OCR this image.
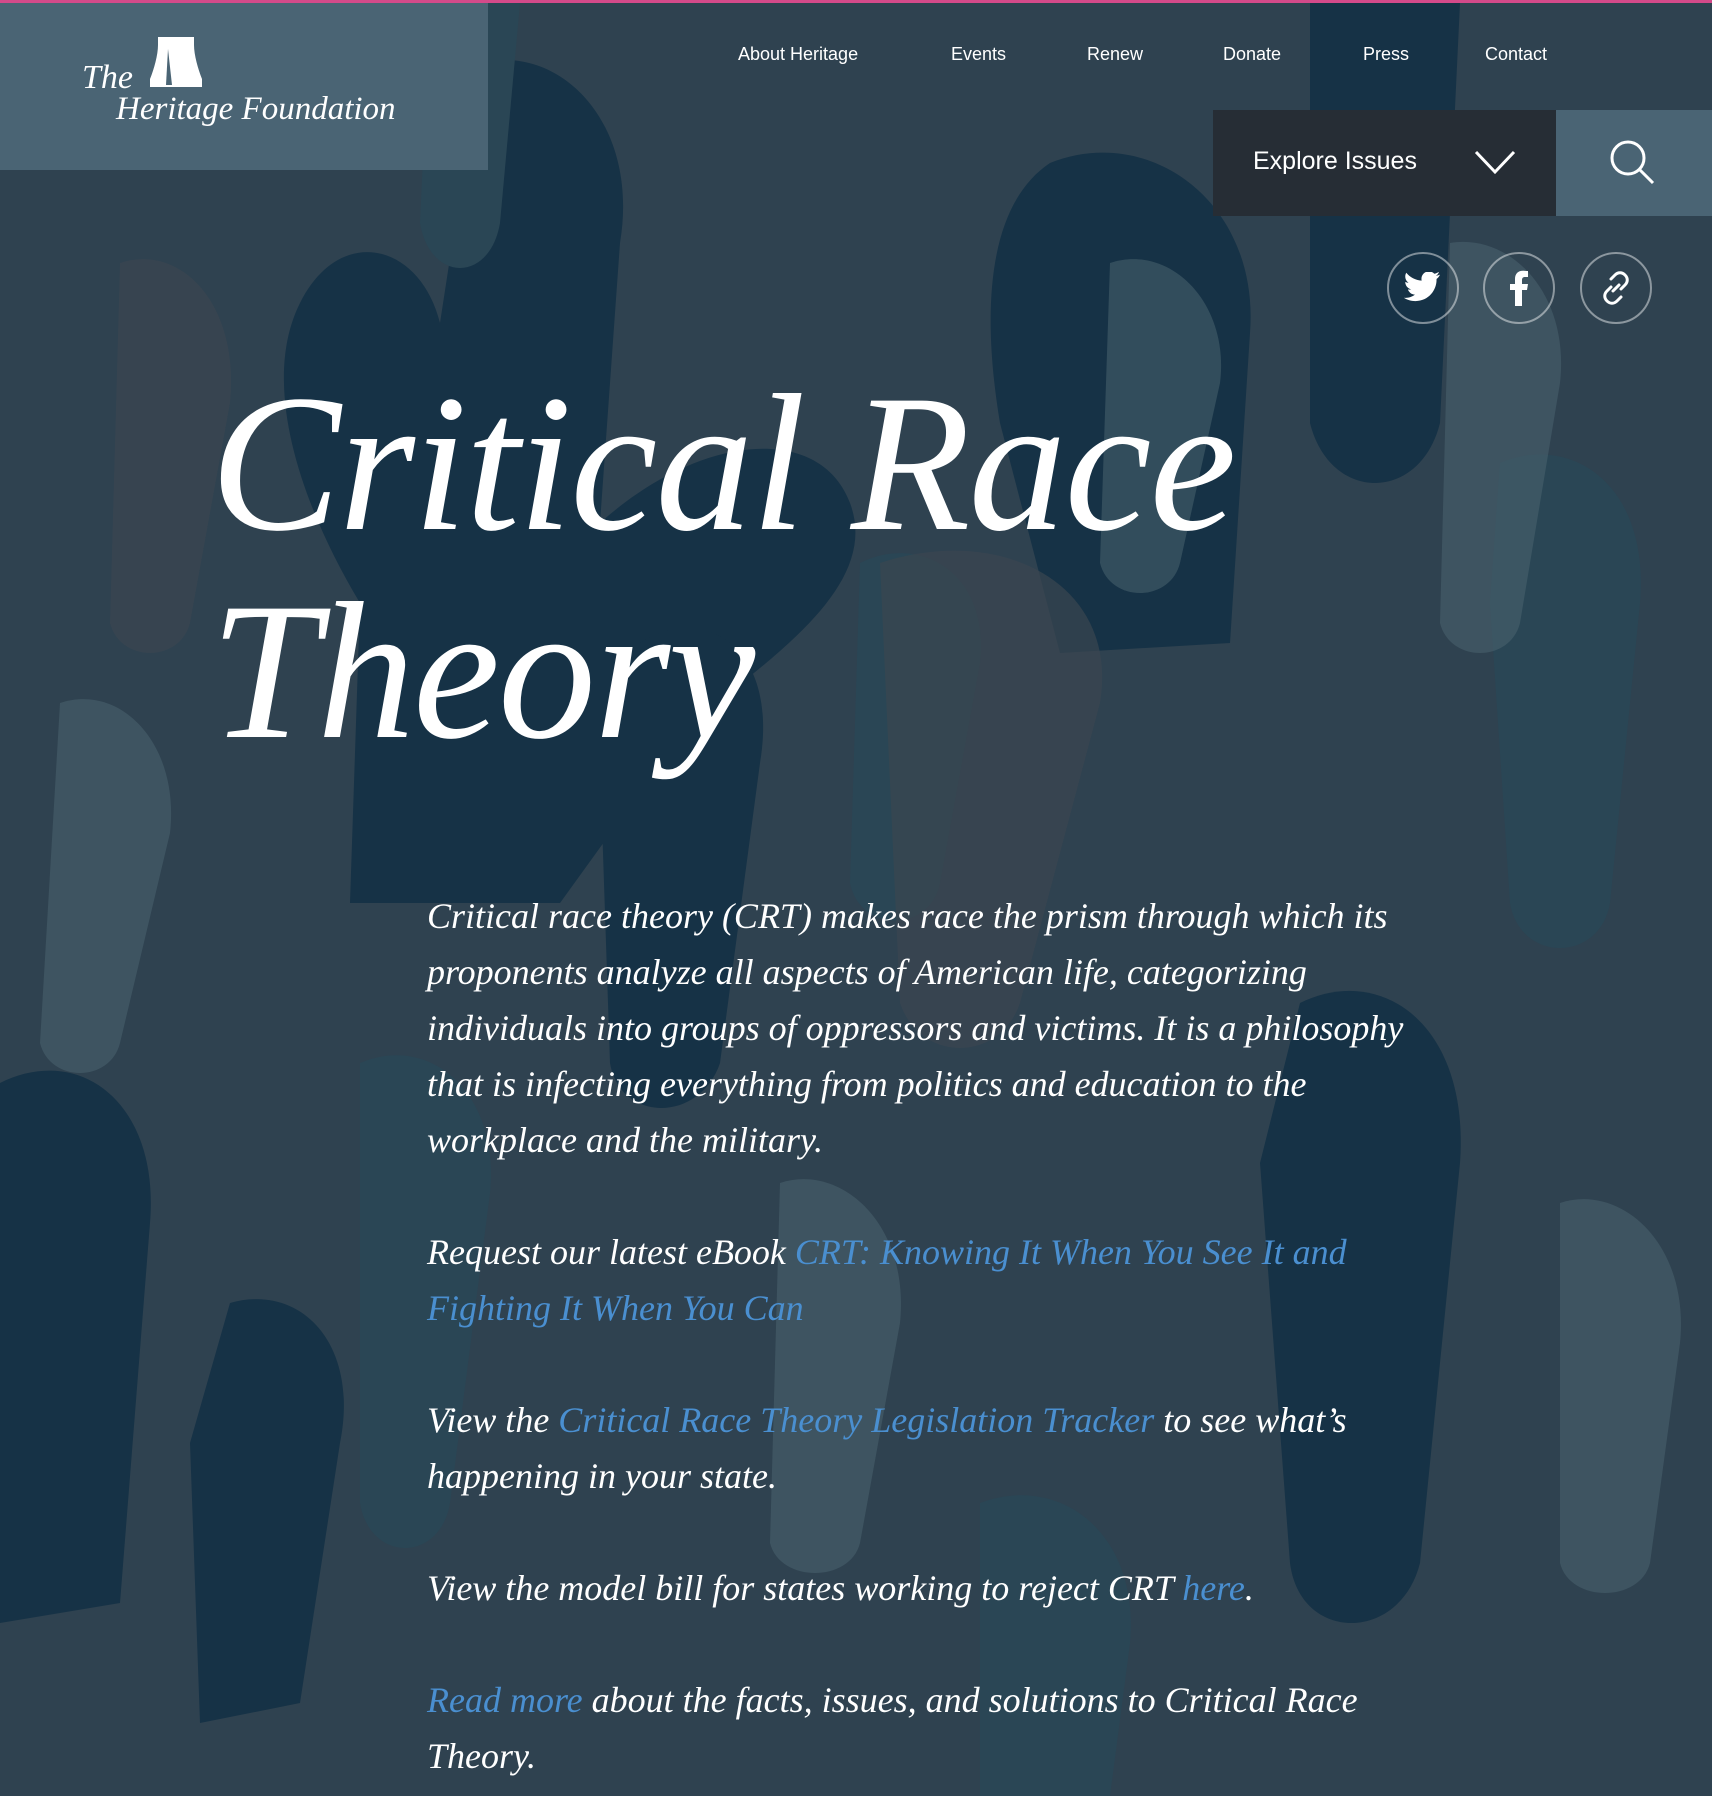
The
Heritage Foundation
About Heritage	Events	Renew	Donate	Press	Contact
Explore Issues
Critical Race
Theory

Critical race theory (CRT) makes race the prism through which its proponents analyze all aspects of American life, categorizing individuals into groups of oppressors and victims. It is a philosophy that is infecting everything from politics and education to the workplace and the military.

Request our latest eBook CRT: Knowing It When You See It and Fighting It When You Can

View the Critical Race Theory Legislation Tracker to see what’s happening in your state.

View the model bill for states working to reject CRT here.

Read more about the facts, issues, and solutions to Critical Race Theory.
